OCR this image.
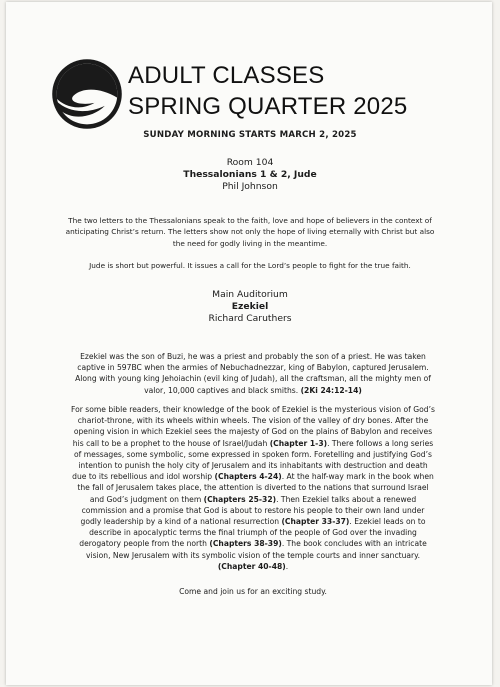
ADULT CLASSES
SPRING QUARTER 2025
SUNDAY MORNING STARTS MARCH 2, 2025
Room 104
Thessalonians 1 & 2, Jude
Phil Johnson
The two letters to the Thessalonians speak to the faith, love and hope of believers in the context of anticipating Christ’s return. The letters show not only the hope of living eternally with Christ but also the need for godly living in the meantime.
Jude is short but powerful. It issues a call for the Lord’s people to fight for the true faith.
Main Auditorium
Ezekiel
Richard Caruthers
Ezekiel was the son of Buzi, he was a priest and probably the son of a priest. He was taken captive in 597BC when the armies of Nebuchadnezzar, king of Babylon, captured Jerusalem. Along with young king Jehoiachin (evil king of Judah), all the craftsman, all the mighty men of valor, 10,000 captives and black smiths. (2Ki 24:12-14)
For some bible readers, their knowledge of the book of Ezekiel is the mysterious vision of God’s chariot-throne, with its wheels within wheels. The vision of the valley of dry bones. After the opening vision in which Ezekiel sees the majesty of God on the plains of Babylon and receives his call to be a prophet to the house of Israel/Judah (Chapter 1-3). There follows a long series of messages, some symbolic, some expressed in spoken form. Foretelling and justifying God’s intention to punish the holy city of Jerusalem and its inhabitants with destruction and death due to its rebellious and idol worship (Chapters 4-24). At the half-way mark in the book when the fall of Jerusalem takes place, the attention is diverted to the nations that surround Israel and God’s judgment on them (Chapters 25-32). Then Ezekiel talks about a renewed commission and a promise that God is about to restore his people to their own land under godly leadership by a kind of a national resurrection (Chapter 33-37). Ezekiel leads on to describe in apocalyptic terms the final triumph of the people of God over the invading derogatory people from the north (Chapters 38-39). The book concludes with an intricate vision, New Jerusalem with its symbolic vision of the temple courts and inner sanctuary. (Chapter 40-48).
Come and join us for an exciting study.
